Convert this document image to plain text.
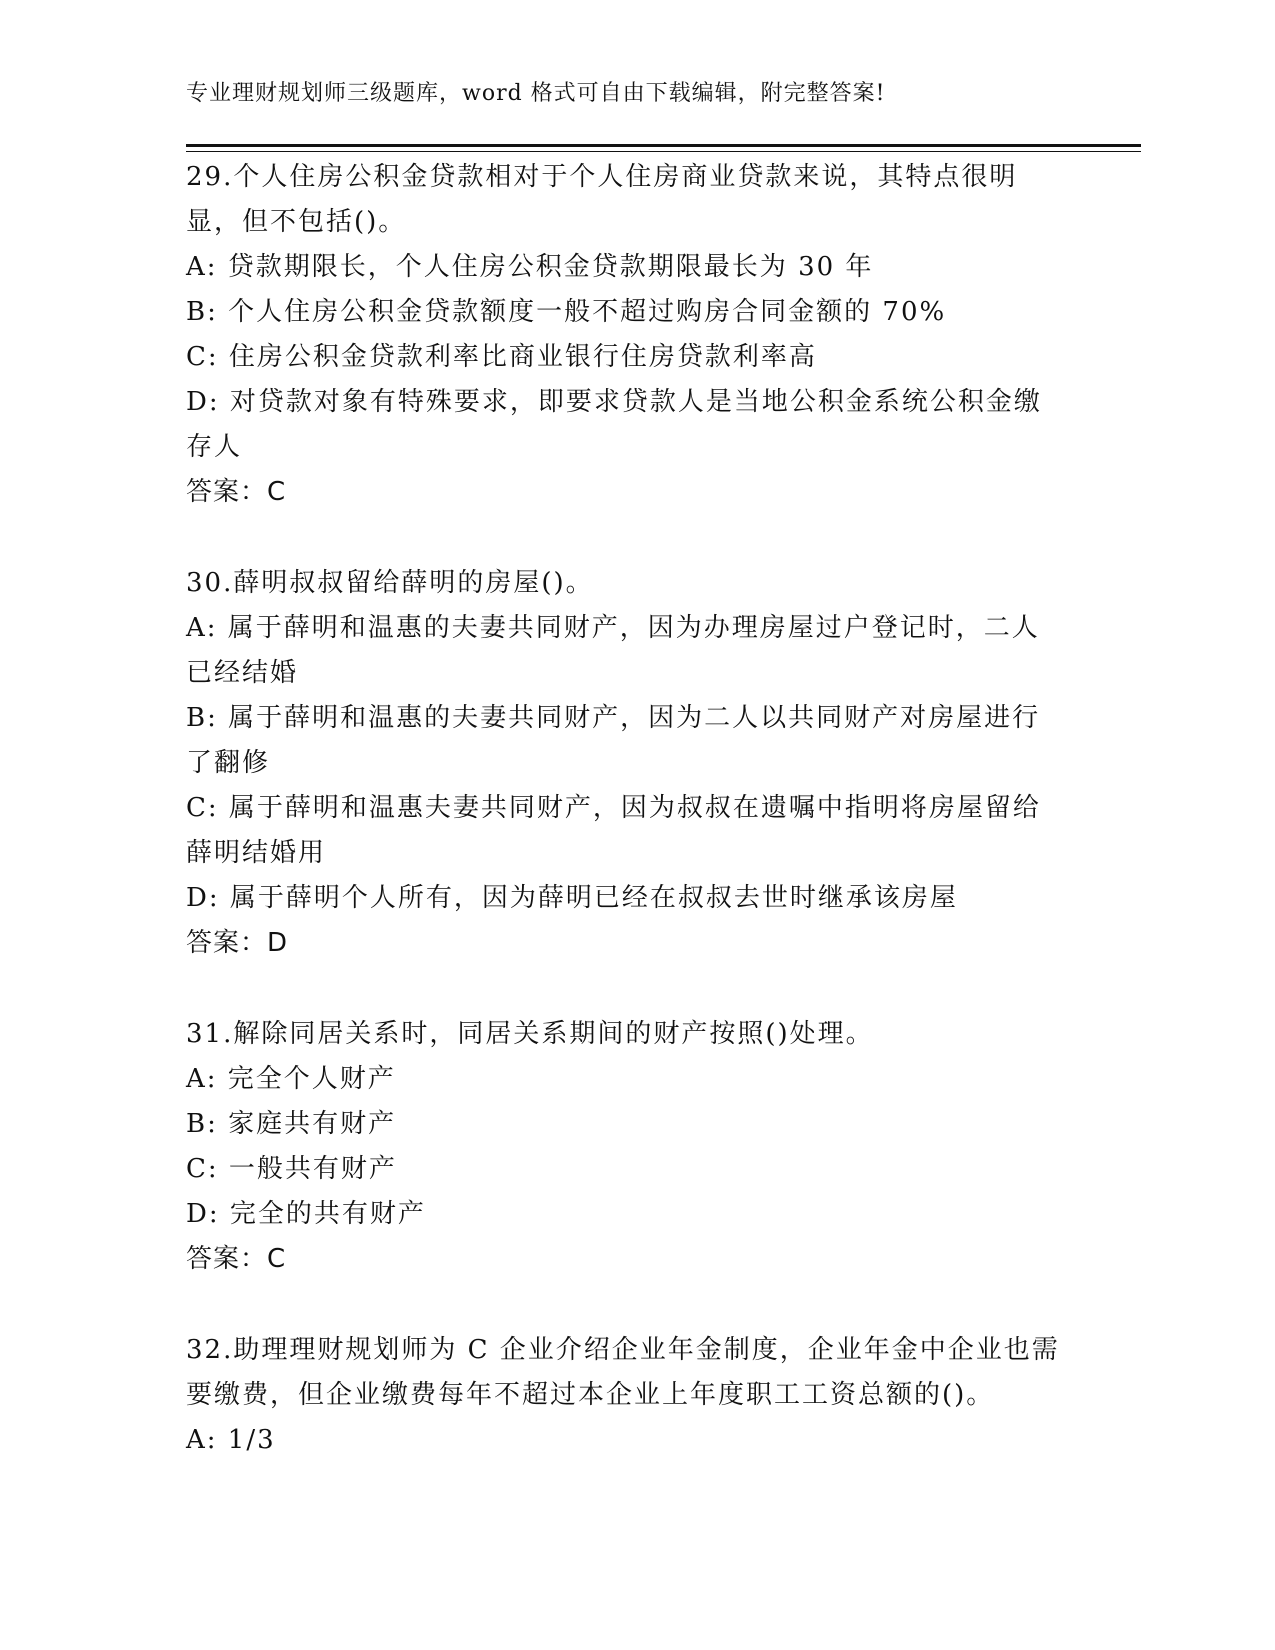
专业理财规划师三级题库，word 格式可自由下载编辑，附完整答案!

29.个人住房公积金贷款相对于个人住房商业贷款来说，其特点很明显，但不包括()。

A: 贷款期限长，个人住房公积金贷款期限最长为 30 年

B: 个人住房公积金贷款额度一般不超过购房合同金额的 70%

C: 住房公积金贷款利率比商业银行住房贷款利率高

D: 对贷款对象有特殊要求，即要求贷款人是当地公积金系统公积金缴存人

答案：C

30.薛明叔叔留给薛明的房屋()。

A: 属于薛明和温惠的夫妻共同财产，因为办理房屋过户登记时，二人已经结婚

B: 属于薛明和温惠的夫妻共同财产，因为二人以共同财产对房屋进行了翻修

C: 属于薛明和温惠夫妻共同财产，因为叔叔在遗嘱中指明将房屋留给薛明结婚用

D: 属于薛明个人所有，因为薛明已经在叔叔去世时继承该房屋

答案：D

31.解除同居关系时，同居关系期间的财产按照()处理。

A: 完全个人财产

B: 家庭共有财产

C: 一般共有财产

D: 完全的共有财产

答案：C

32.助理理财规划师为 C 企业介绍企业年金制度，企业年金中企业也需要缴费，但企业缴费每年不超过本企业上年度职工工资总额的()。

A: 1/3
